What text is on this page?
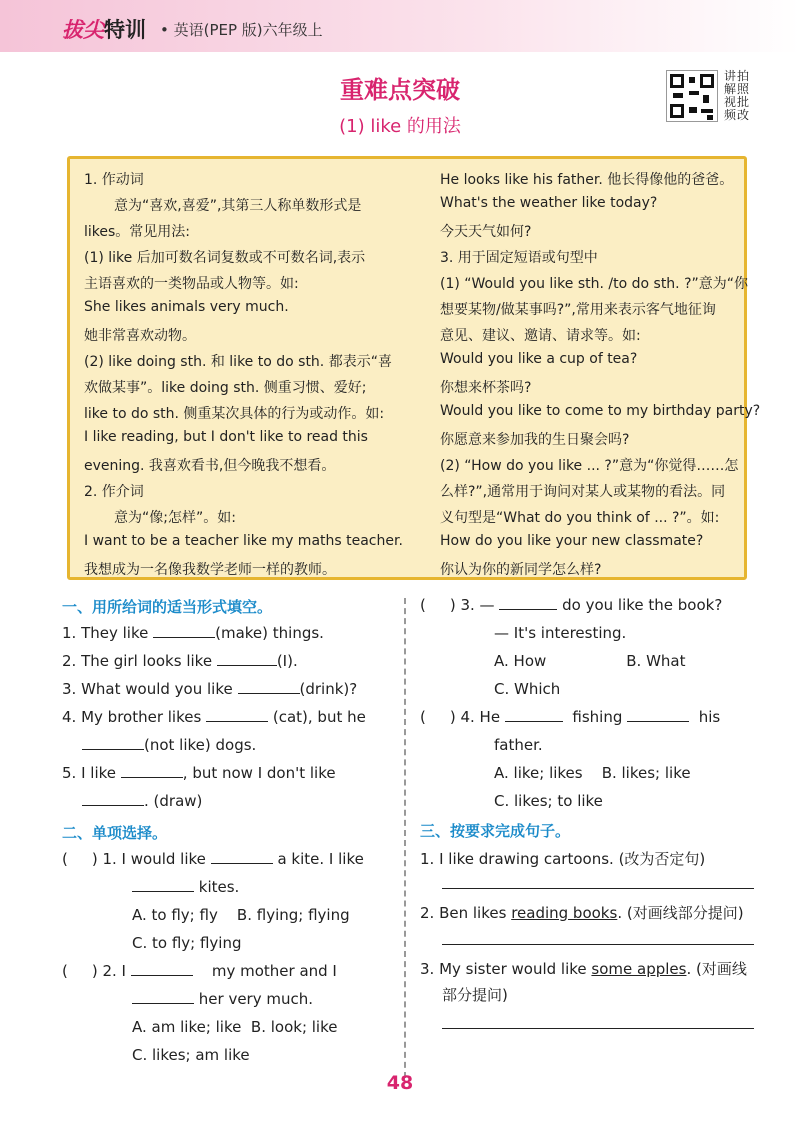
拔尖特训 • 英语(PEP 版)六年级上
重难点突破
(1) like 的用法
讲
解
视
频
拍
照
批
改

1. 作动词

意为“喜欢,喜爱”,其第三人称单数形式是

likes。常见用法:

(1) like 后加可数名词复数或不可数名词,表示

主语喜欢的一类物品或人物等。如:

She likes animals very much.

她非常喜欢动物。

(2) like doing sth. 和 like to do sth. 都表示“喜

欢做某事”。like doing sth. 侧重习惯、爱好;

like to do sth. 侧重某次具体的行为或动作。如:

I like reading, but I don't like to read this

evening. 我喜欢看书,但今晚我不想看。

2. 作介词

意为“像;怎样”。如:

I want to be a teacher like my maths teacher.

我想成为一名像我数学老师一样的教师。

He looks like his father. 他长得像他的爸爸。

What's the weather like today?

今天天气如何?

3. 用于固定短语或句型中

(1) “Would you like sth. /to do sth. ?”意为“你

想要某物/做某事吗?”,常用来表示客气地征询

意见、建议、邀请、请求等。如:

Would you like a cup of tea?

你想来杯茶吗?

Would you like to come to my birthday party?

你愿意来参加我的生日聚会吗?

(2) “How do you like ... ?”意为“你觉得……怎

么样?”,通常用于询问对某人或某物的看法。同

义句型是“What do you think of ... ?”。如:

How do you like your new classmate?

你认为你的新同学怎么样?

一、用所给词的适当形式填空。

1. They like	(make) things.

2. The girl looks like	(I).

3. What would you like	(drink)?

4. My brother likes	(cat), but he

(not like) dogs.

5. I like	, but now I don't like

. (draw)

二、单项选择。

( ) 1. I would like	a kite. I like

kites.

A. to fly; fly B. flying; flying

C. to fly; flying

( ) 2. I	my mother and I

her very much.

A. am like; like B. look; like

C. likes; am like

( ) 3. —	do you like the book?

— It's interesting.

A. How	B. What

C. Which

( ) 4. He	fishing	his

father.

A. like; likes B. likes; like

C. likes; to like

三、按要求完成句子。

1. I like drawing cartoons. (改为否定句)

2. Ben likes reading books. (对画线部分提问)

3. My sister would like some apples. (对画线

部分提问)

48
